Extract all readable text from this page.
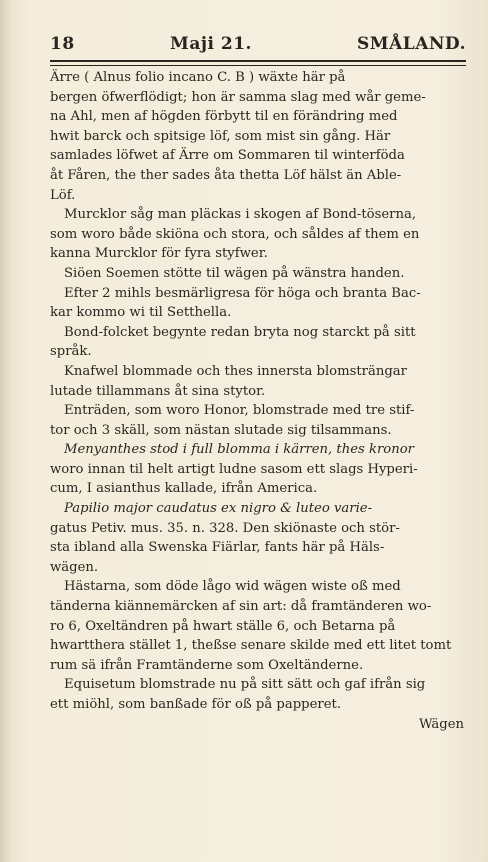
18	Maji 21.	SMÅLAND.
Ärre ( Alnus folio incano C. B ) wäxte här på
bergen öfwerflödigt; hon är samma slag med wår geme-
na Ahl, men af högden förbytt til en förändring med
hwit barck och spitsige löf, som mist sin gång. Här
samlades löfwet af Ärre om Sommaren til winterföda
åt Fåren, the ther sades åta thetta Löf hälst än Able-
Löf.
Murcklor såg man pläckas i skogen af Bond-töserna,
som woro både skiöna och stora, och såldes af them en
kanna Murcklor för fyra styfwer.
Siöen Soemen stötte til wägen på wänstra handen.
Efter 2 mihls besmärligresa för höga och branta Bac-
kar kommo wi til Setthella.
Bond-folcket begynte redan bryta nog starckt på sitt
språk.
Knafwel blommade och thes innersta blomsträngar
lutade tillammans åt sina stytor.
Enträden, som woro Honor, blomstrade med tre stif-
tor och 3 skäll, som nästan slutade sig tilsammans.
Menyanthes stod i full blomma i kärren, thes kronor
woro innan til helt artigt ludne sasom ett slags Hyperi-
cum, I asianthus kallade, ifrån America.
Papilio major caudatus ex nigro & luteo varie-
gatus Petiv. mus. 35. n. 328. Den skiönaste och stör-
sta ibland alla Swenska Fiärlar, fants här på Häls-
wägen.
Hästarna, som döde lågo wid wägen wiste oß med
tänderna kiännemärcken af sin art: då framtänderen wo-
ro 6, Oxeltändren på hwart ställe 6, och Betarna på
hwartthera stället 1, theßse senare skilde med ett litet tomt
rum sä ifrån Framtänderne som Oxeltänderne.
Equisetum blomstrade nu på sitt sätt och gaf ifrån sig
ett miöhl, som banßade för oß på papperet.
Wägen
